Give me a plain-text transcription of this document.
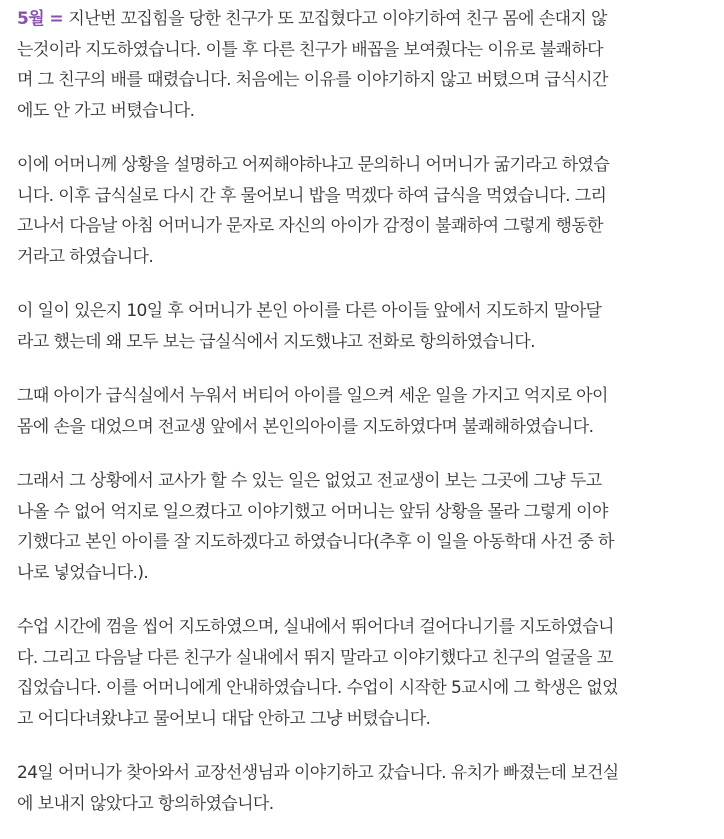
5월 = 지난번 꼬집힘을 당한 친구가 또 꼬집혔다고 이야기하여 친구 몸에 손대지 않
는것이라 지도하였습니다. 이틀 후 다른 친구가 배꼽을 보여줬다는 이유로 불쾌하다
며 그 친구의 배를 때렸습니다. 처음에는 이유를 이야기하지 않고 버텼으며 급식시간
에도 안 가고 버텼습니다.

이에 어머니께 상황을 설명하고 어찌해야하냐고 문의하니 어머니가 굶기라고 하였습
니다. 이후 급식실로 다시 간 후 물어보니 밥을 먹겠다 하여 급식을 먹였습니다. 그리
고나서 다음날 아침 어머니가 문자로 자신의 아이가 감정이 불쾌하여 그렇게 행동한
거라고 하였습니다.

이 일이 있은지 10일 후 어머니가 본인 아이를 다른 아이들 앞에서 지도하지 말아달
라고 했는데 왜 모두 보는 급실식에서 지도했냐고 전화로 항의하였습니다.

그때 아이가 급식실에서 누워서 버티어 아이를 일으켜 세운 일을 가지고 억지로 아이
몸에 손을 대었으며 전교생 앞에서 본인의아이를 지도하였다며 불쾌해하였습니다.

그래서 그 상황에서 교사가 할 수 있는 일은 없었고 전교생이 보는 그곳에 그냥 두고
나올 수 없어 억지로 일으켰다고 이야기했고 어머니는 앞뒤 상황을 몰라 그렇게 이야
기했다고 본인 아이를 잘 지도하겠다고 하였습니다(추후 이 일을 아동학대 사건 중 하
나로 넣었습니다.).

수업 시간에 껌을 씹어 지도하였으며, 실내에서 뛰어다녀 걸어다니기를 지도하였습니
다. 그리고 다음날 다른 친구가 실내에서 뛰지 말라고 이야기했다고 친구의 얼굴을 꼬
집었습니다. 이를 어머니에게 안내하였습니다. 수업이 시작한 5교시에 그 학생은 없었
고 어디다녀왔냐고 물어보니 대답 안하고 그냥 버텼습니다.

24일 어머니가 찾아와서 교장선생님과 이야기하고 갔습니다. 유치가 빠졌는데 보건실
에 보내지 않았다고 항의하였습니다.
